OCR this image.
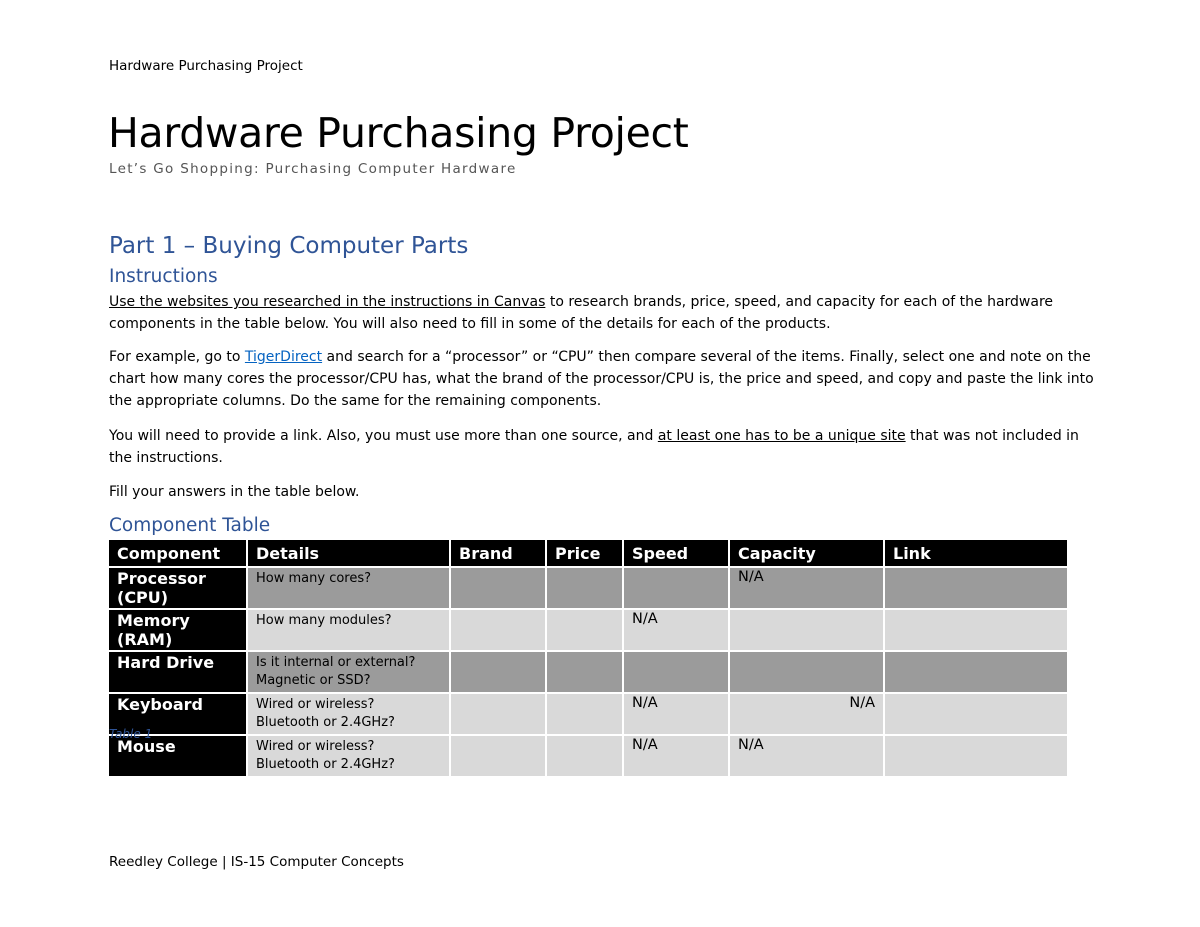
Hardware Purchasing Project
Hardware Purchasing Project
Let’s Go Shopping: Purchasing Computer Hardware
Part 1 – Buying Computer Parts
Instructions

Use the websites you researched in the instructions in Canvas to research brands, price, speed, and capacity for each of the hardware components in the table below. You will also need to fill in some of the details for each of the products.

For example, go to TigerDirect and search for a “processor” or “CPU” then compare several of the items. Finally, select one and note on the chart how many cores the processor/CPU has, what the brand of the processor/CPU is, the price and speed, and copy and paste the link into the appropriate columns. Do the same for the remaining components.

You will need to provide a link. Also, you must use more than one source, and at least one has to be a unique site that was not included in the instructions.

Fill your answers in the table below.

Component Table
Component	Details	Brand	Price	Speed	Capacity	Link
Processor (CPU)	How many cores?				N/A	
Memory (RAM)	How many modules?			N/A		
Hard Drive	Is it internal or external?
Magnetic or SSD?					

Keyboard	Wired or wireless?
Bluetooth or 2.4GHz?			N/A	N/A	
Mouse	Wired or wireless?
Bluetooth or 2.4GHz?			N/A	N/A	
Table 1
Reedley College | IS-15 Computer Concepts
